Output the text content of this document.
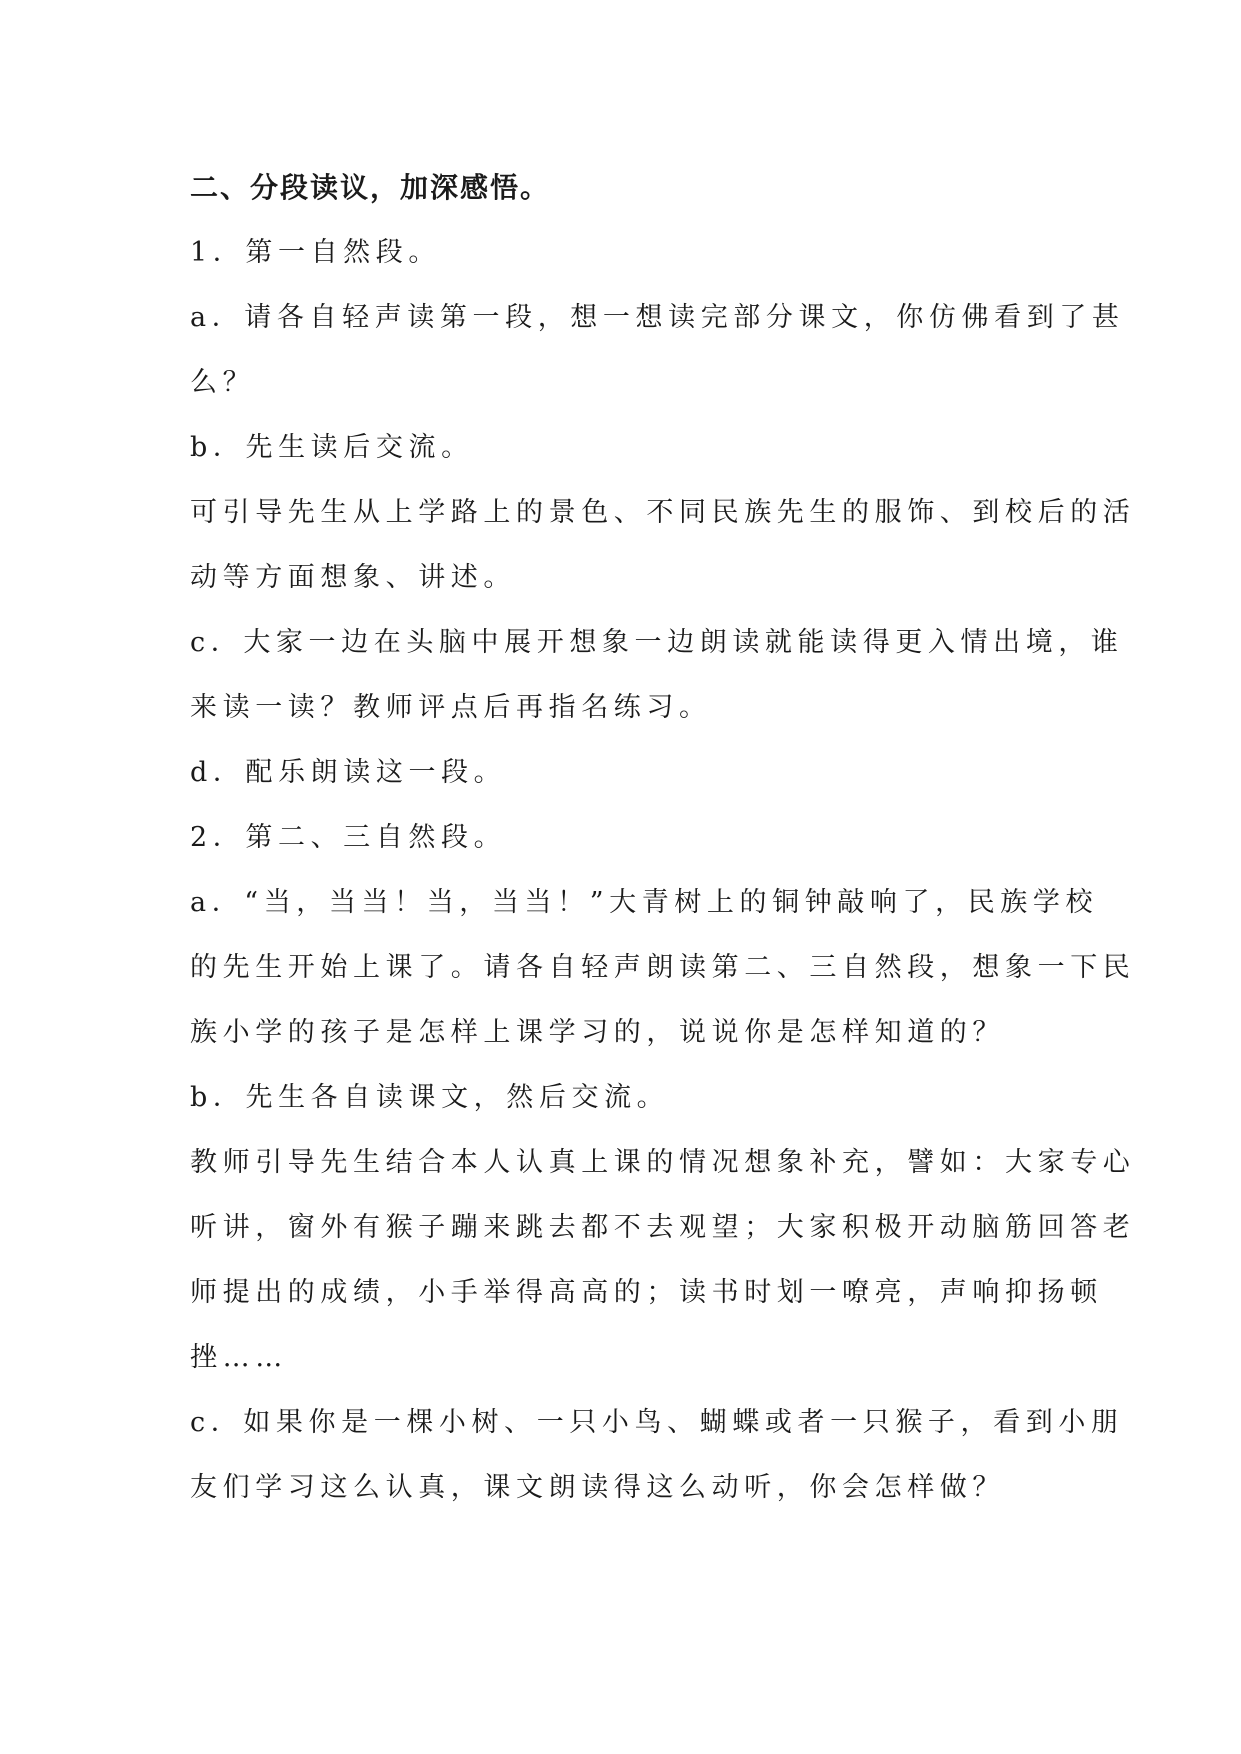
二、分段读议，加深感悟。
1．第一自然段。
a．请各自轻声读第一段，想一想读完部分课文，你仿佛看到了甚
么？
b．先生读后交流。
可引导先生从上学路上的景色、不同民族先生的服饰、到校后的活
动等方面想象、讲述。
c．大家一边在头脑中展开想象一边朗读就能读得更入情出境，谁
来读一读？教师评点后再指名练习。
d．配乐朗读这一段。
2．第二、三自然段。
a．“当，当当！当，当当！”大青树上的铜钟敲响了，民族学校
的先生开始上课了。请各自轻声朗读第二、三自然段，想象一下民
族小学的孩子是怎样上课学习的，说说你是怎样知道的？
b．先生各自读课文，然后交流。
教师引导先生结合本人认真上课的情况想象补充，譬如：大家专心
听讲，窗外有猴子蹦来跳去都不去观望；大家积极开动脑筋回答老
师提出的成绩，小手举得高高的；读书时划一嘹亮，声响抑扬顿
挫……
c．如果你是一棵小树、一只小鸟、蝴蝶或者一只猴子，看到小朋
友们学习这么认真，课文朗读得这么动听，你会怎样做？
